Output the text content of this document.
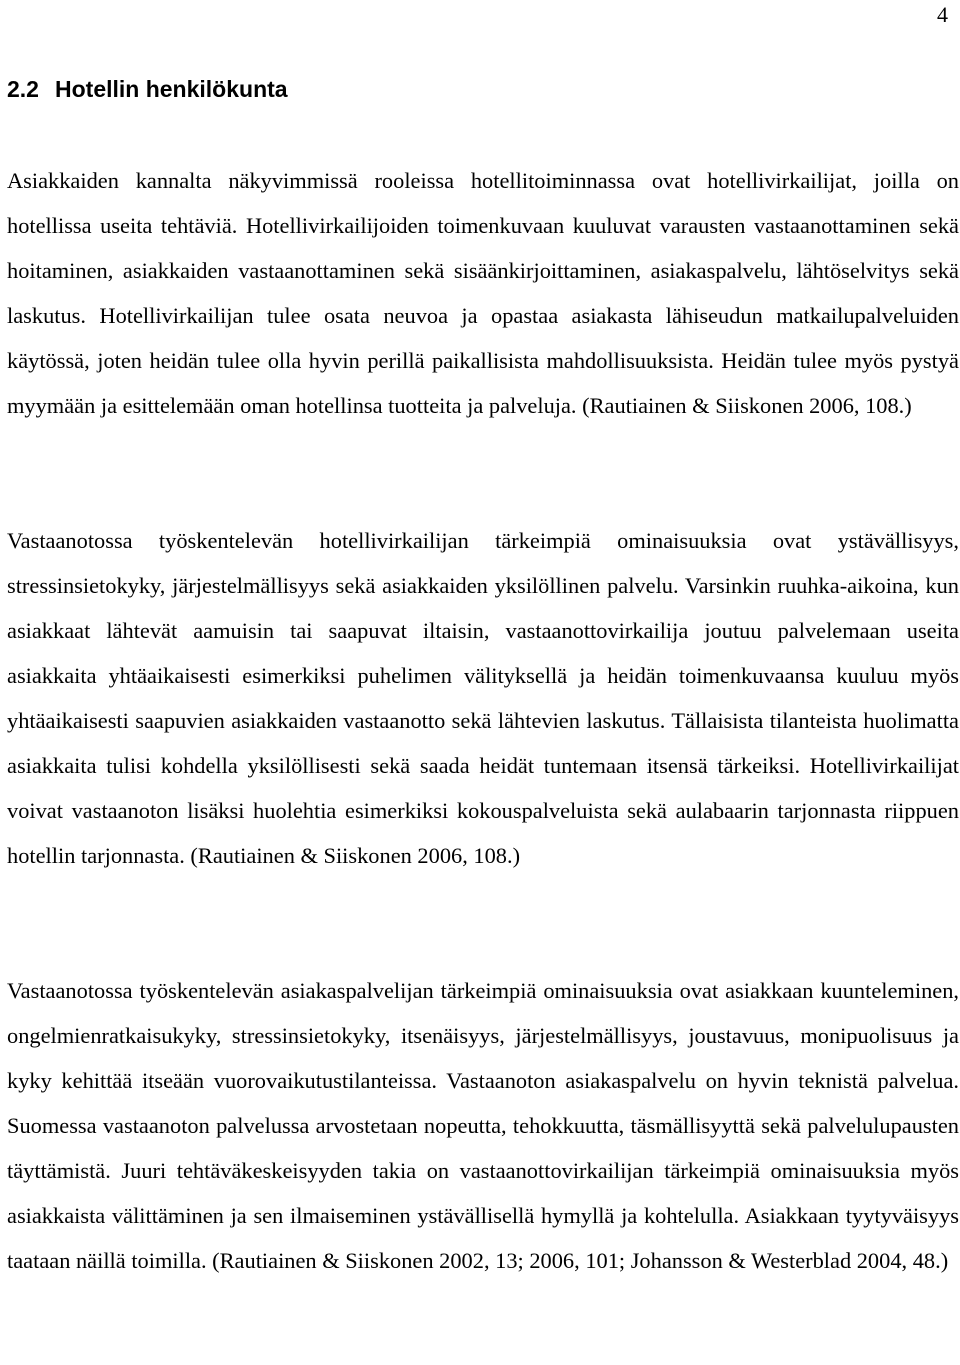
4

2.2 Hotellin henkilökunta

Asiakkaiden kannalta näkyvimmissä rooleissa hotellitoiminnassa ovat hotellivirkailijat, joilla on hotellissa useita tehtäviä. Hotellivirkailijoiden toimenkuvaan kuuluvat varausten vastaanottaminen sekä hoitaminen, asiakkaiden vastaanottaminen sekä sisäänkirjoittaminen, asiakaspalvelu, lähtöselvitys sekä laskutus. Hotellivirkailijan tulee osata neuvoa ja opastaa asiakasta lähiseudun matkailupalveluiden käytössä, joten heidän tulee olla hyvin perillä paikallisista mahdollisuuksista. Heidän tulee myös pystyä myymään ja esittelemään oman hotellinsa tuotteita ja palveluja. (Rautiainen & Siiskonen 2006, 108.)

Vastaanotossa työskentelevän hotellivirkailijan tärkeimpiä ominaisuuksia ovat ystävällisyys, stressinsietokyky, järjestelmällisyys sekä asiakkaiden yksilöllinen palvelu. Varsinkin ruuhka-aikoina, kun asiakkaat lähtevät aamuisin tai saapuvat iltaisin, vastaanottovirkailija joutuu palvelemaan useita asiakkaita yhtäaikaisesti esimerkiksi puhelimen välityksellä ja heidän toimenkuvaansa kuuluu myös yhtäaikaisesti saapuvien asiakkaiden vastaanotto sekä lähtevien laskutus. Tällaisista tilanteista huolimatta asiakkaita tulisi kohdella yksilöllisesti sekä saada heidät tuntemaan itsensä tärkeiksi. Hotellivirkailijat voivat vastaanoton lisäksi huolehtia esimerkiksi kokouspalveluista sekä aulabaarin tarjonnasta riippuen hotellin tarjonnasta. (Rautiainen & Siiskonen 2006, 108.)

Vastaanotossa työskentelevän asiakaspalvelijan tärkeimpiä ominaisuuksia ovat asiakkaan kuunteleminen, ongelmienratkaisukyky, stressinsietokyky, itsenäisyys, järjestelmällisyys, joustavuus, monipuolisuus ja kyky kehittää itseään vuorovaikutustilanteissa. Vastaanoton asiakaspalvelu on hyvin teknistä palvelua. Suomessa vastaanoton palvelussa arvostetaan nopeutta, tehokkuutta, täsmällisyyttä sekä palvelulupausten täyttämistä. Juuri tehtäväkeskeisyyden takia on vastaanottovirkailijan tärkeimpiä ominaisuuksia myös asiakkaista välittäminen ja sen ilmaiseminen ystävällisellä hymyllä ja kohtelulla. Asiakkaan tyytyväisyys taataan näillä toimilla. (Rautiainen & Siiskonen 2002, 13; 2006, 101; Johansson & Westerblad 2004, 48.)
